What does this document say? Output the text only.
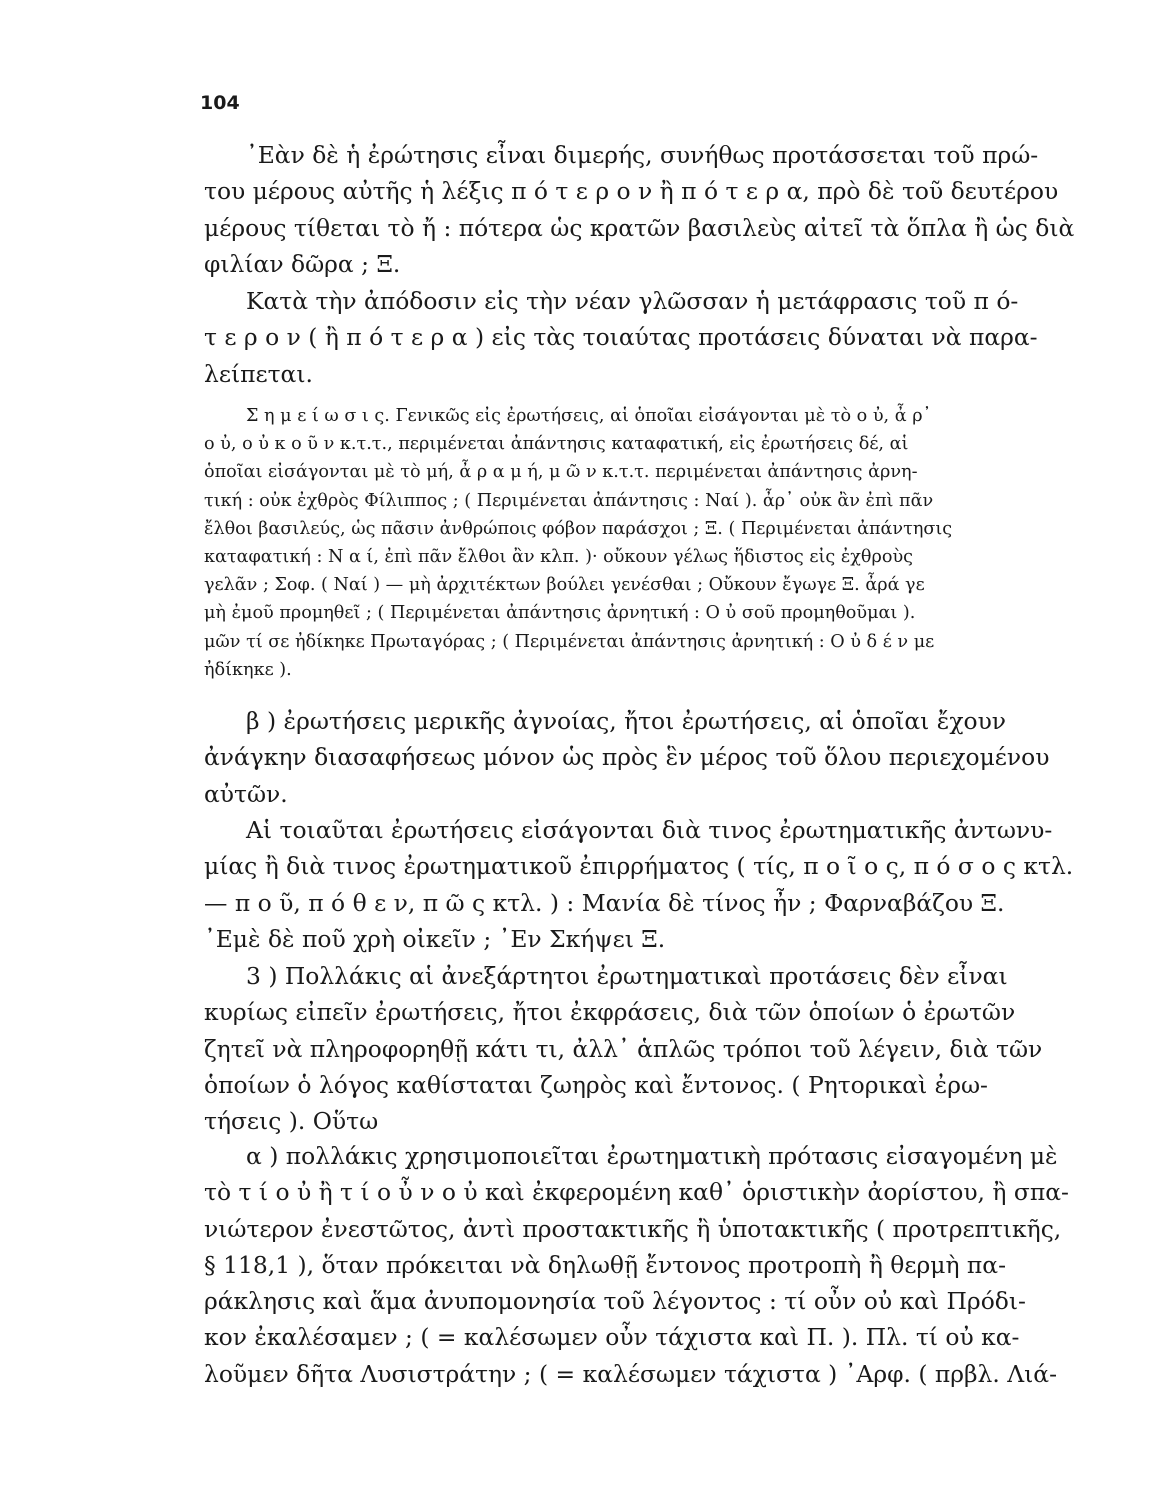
104
᾽Εὰν δὲ ἡ ἐρώτησις εἶναι διμερής, συνήθως προτάσσεται τοῦ πρώ-
του μέρους αὐτῆς ἡ λέξις π ό τ ε ρ ο ν ἢ π ό τ ε ρ α, πρὸ δὲ τοῦ δευτέρου
μέρους τίθεται τὸ ἤ : πότερα ὡς κρατῶν βασιλεὺς αἰτεῖ τὰ ὅπλα ἢ ὡς διὰ
φιλίαν δῶρα ; Ξ.
Κατὰ τὴν ἀπόδοσιν εἰς τὴν νέαν γλῶσσαν ἡ μετάφρασις τοῦ π ό-
τ ε ρ ο ν ( ἢ π ό τ ε ρ α ) εἰς τὰς τοιαύτας προτάσεις δύναται νὰ παρα-
λείπεται.
Σ η μ ε ί ω σ ι ς. Γενικῶς εἰς ἐρωτήσεις, αἱ ὁποῖαι εἰσάγονται μὲ τὸ ο ὐ, ἆ ρ᾽
ο ὐ, ο ὐ κ ο ῦ ν κ.τ.τ., περιμένεται ἀπάντησις καταφατική, εἰς ἐρωτήσεις δέ, αἱ
ὁποῖαι εἰσάγονται μὲ τὸ μή, ἆ ρ α μ ή, μ ῶ ν κ.τ.τ. περιμένεται ἀπάντησις ἀρνη-
τική : οὐκ ἐχθρὸς Φίλιππος ; ( Περιμένεται ἀπάντησις : Ναί ). ἆρ᾽ οὐκ ἂν ἐπὶ πᾶν
ἔλθοι βασιλεύς, ὡς πᾶσιν ἀνθρώποις φόβον παράσχοι ; Ξ. ( Περιμένεται ἀπάντησις
καταφατική : Ν α ί, ἐπὶ πᾶν ἔλθοι ἂν κλπ. )· οὔκουν γέλως ἥδιστος εἰς ἐχθροὺς
γελᾶν ; Σοφ. ( Ναί ) — μὴ ἀρχιτέκτων βούλει γενέσθαι ; Οὔκουν ἔγωγε Ξ. ἆρά γε
μὴ ἐμοῦ προμηθεῖ ; ( Περιμένεται ἀπάντησις ἀρνητική : Ο ὐ σοῦ προμηθοῦμαι ).
μῶν τί σε ἠδίκηκε Πρωταγόρας ; ( Περιμένεται ἀπάντησις ἀρνητική : Ο ὐ δ έ ν με
ἠδίκηκε ).
β ) ἐρωτήσεις μερικῆς ἀγνοίας, ἤτοι ἐρωτήσεις, αἱ ὁποῖαι ἔχουν
ἀνάγκην διασαφήσεως μόνον ὡς πρὸς ἓν μέρος τοῦ ὅλου περιεχομένου
αὐτῶν.
Αἱ τοιαῦται ἐρωτήσεις εἰσάγονται διὰ τινος ἐρωτηματικῆς ἀντωνυ-
μίας ἢ διὰ τινος ἐρωτηματικοῦ ἐπιρρήματος ( τίς, π ο ῖ ο ς, π ό σ ο ς κτλ.
— π ο ῦ, π ό θ ε ν, π ῶ ς κτλ. ) : Μανία δὲ τίνος ἦν ; Φαρναβάζου Ξ.
᾽Εμὲ δὲ ποῦ χρὴ οἰκεῖν ; ᾽Εν Σκήψει Ξ.
3 ) Πολλάκις αἱ ἀνεξάρτητοι ἐρωτηματικαὶ προτάσεις δὲν εἶναι
κυρίως εἰπεῖν ἐρωτήσεις, ἤτοι ἐκφράσεις, διὰ τῶν ὁποίων ὁ ἐρωτῶν
ζητεῖ νὰ πληροφορηθῇ κάτι τι, ἀλλ᾽ ἁπλῶς τρόποι τοῦ λέγειν, διὰ τῶν
ὁποίων ὁ λόγος καθίσταται ζωηρὸς καὶ ἔντονος. ( Ρητορικαὶ ἐρω-
τήσεις ). Οὕτω
α ) πολλάκις χρησιμοποιεῖται ἐρωτηματικὴ πρότασις εἰσαγομένη μὲ
τὸ τ ί ο ὐ ἢ τ ί ο ὖ ν ο ὐ καὶ ἐκφερομένη καθ᾽ ὁριστικὴν ἀορίστου, ἢ σπα-
νιώτερον ἐνεστῶτος, ἀντὶ προστακτικῆς ἢ ὑποτακτικῆς ( προτρεπτικῆς,
§ 118,1 ), ὅταν πρόκειται νὰ δηλωθῇ ἔντονος προτροπὴ ἢ θερμὴ πα-
ράκλησις καὶ ἅμα ἀνυπομονησία τοῦ λέγοντος : τί οὖν οὐ καὶ Πρόδι-
κον ἐκαλέσαμεν ; ( = καλέσωμεν οὖν τάχιστα καὶ Π. ). Πλ. τί οὐ κα-
λοῦμεν δῆτα Λυσιστράτην ; ( = καλέσωμεν τάχιστα ) ᾽Αρφ. ( πρβλ. Λιά-
